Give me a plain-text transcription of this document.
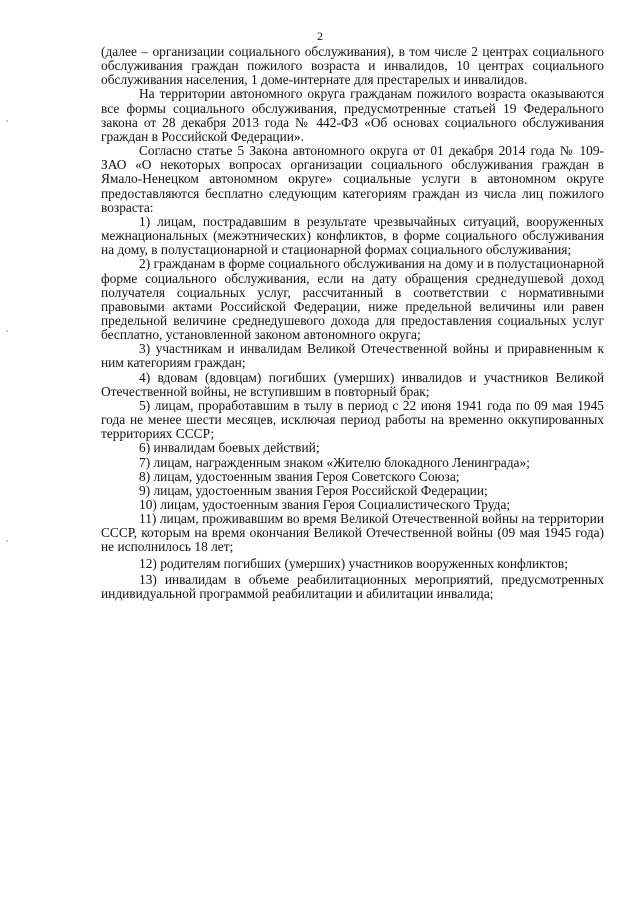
2

(далее – организации социального обслуживания), в том числе 2 центрах социального обслуживания граждан пожилого возраста и инвалидов, 10 центрах социального обслуживания населения, 1 доме-интернате для престарелых и инвалидов.

На территории автономного округа гражданам пожилого возраста оказываются все формы социального обслуживания, предусмотренные статьей 19 Федерального закона от 28 декабря 2013 года № 442-ФЗ «Об основах социального обслуживания граждан в Российской Федерации».

Согласно статье 5 Закона автономного округа от 01 декабря 2014 года № 109-ЗАО «О некоторых вопросах организации социального обслуживания граждан в Ямало-Ненецком автономном округе» социальные услуги в автономном округе предоставляются бесплатно следующим категориям граждан из числа лиц пожилого возраста:

1) лицам, пострадавшим в результате чрезвычайных ситуаций, вооруженных межнациональных (межэтнических) конфликтов, в форме социального обслуживания на дому, в полустационарной и стационарной формах социального обслуживания;

2) гражданам в форме социального обслуживания на дому и в полустационарной форме социального обслуживания, если на дату обращения среднедушевой доход получателя социальных услуг, рассчитанный в соответствии с нормативными правовыми актами Российской Федерации, ниже предельной величины или равен предельной величине среднедушевого дохода для предоставления социальных услуг бесплатно, установленной законом автономного округа;

3) участникам и инвалидам Великой Отечественной войны и приравненным к ним категориям граждан;

4) вдовам (вдовцам) погибших (умерших) инвалидов и участников Великой Отечественной войны, не вступившим в повторный брак;

5) лицам, проработавшим в тылу в период с 22 июня 1941 года по 09 мая 1945 года не менее шести месяцев, исключая период работы на временно оккупированных территориях СССР;

6) инвалидам боевых действий;

7) лицам, награжденным знаком «Жителю блокадного Ленинграда»;

8) лицам, удостоенным звания Героя Советского Союза;

9) лицам, удостоенным звания Героя Российской Федерации;

10) лицам, удостоенным звания Героя Социалистического Труда;

11) лицам, проживавшим во время Великой Отечественной войны на территории СССР, которым на время окончания Великой Отечественной войны (09 мая 1945 года) не исполнилось 18 лет;

12) родителям погибших (умерших) участников вооруженных конфликтов;

13) инвалидам в объеме реабилитационных мероприятий, предусмотренных индивидуальной программой реабилитации и абилитации инвалида;
